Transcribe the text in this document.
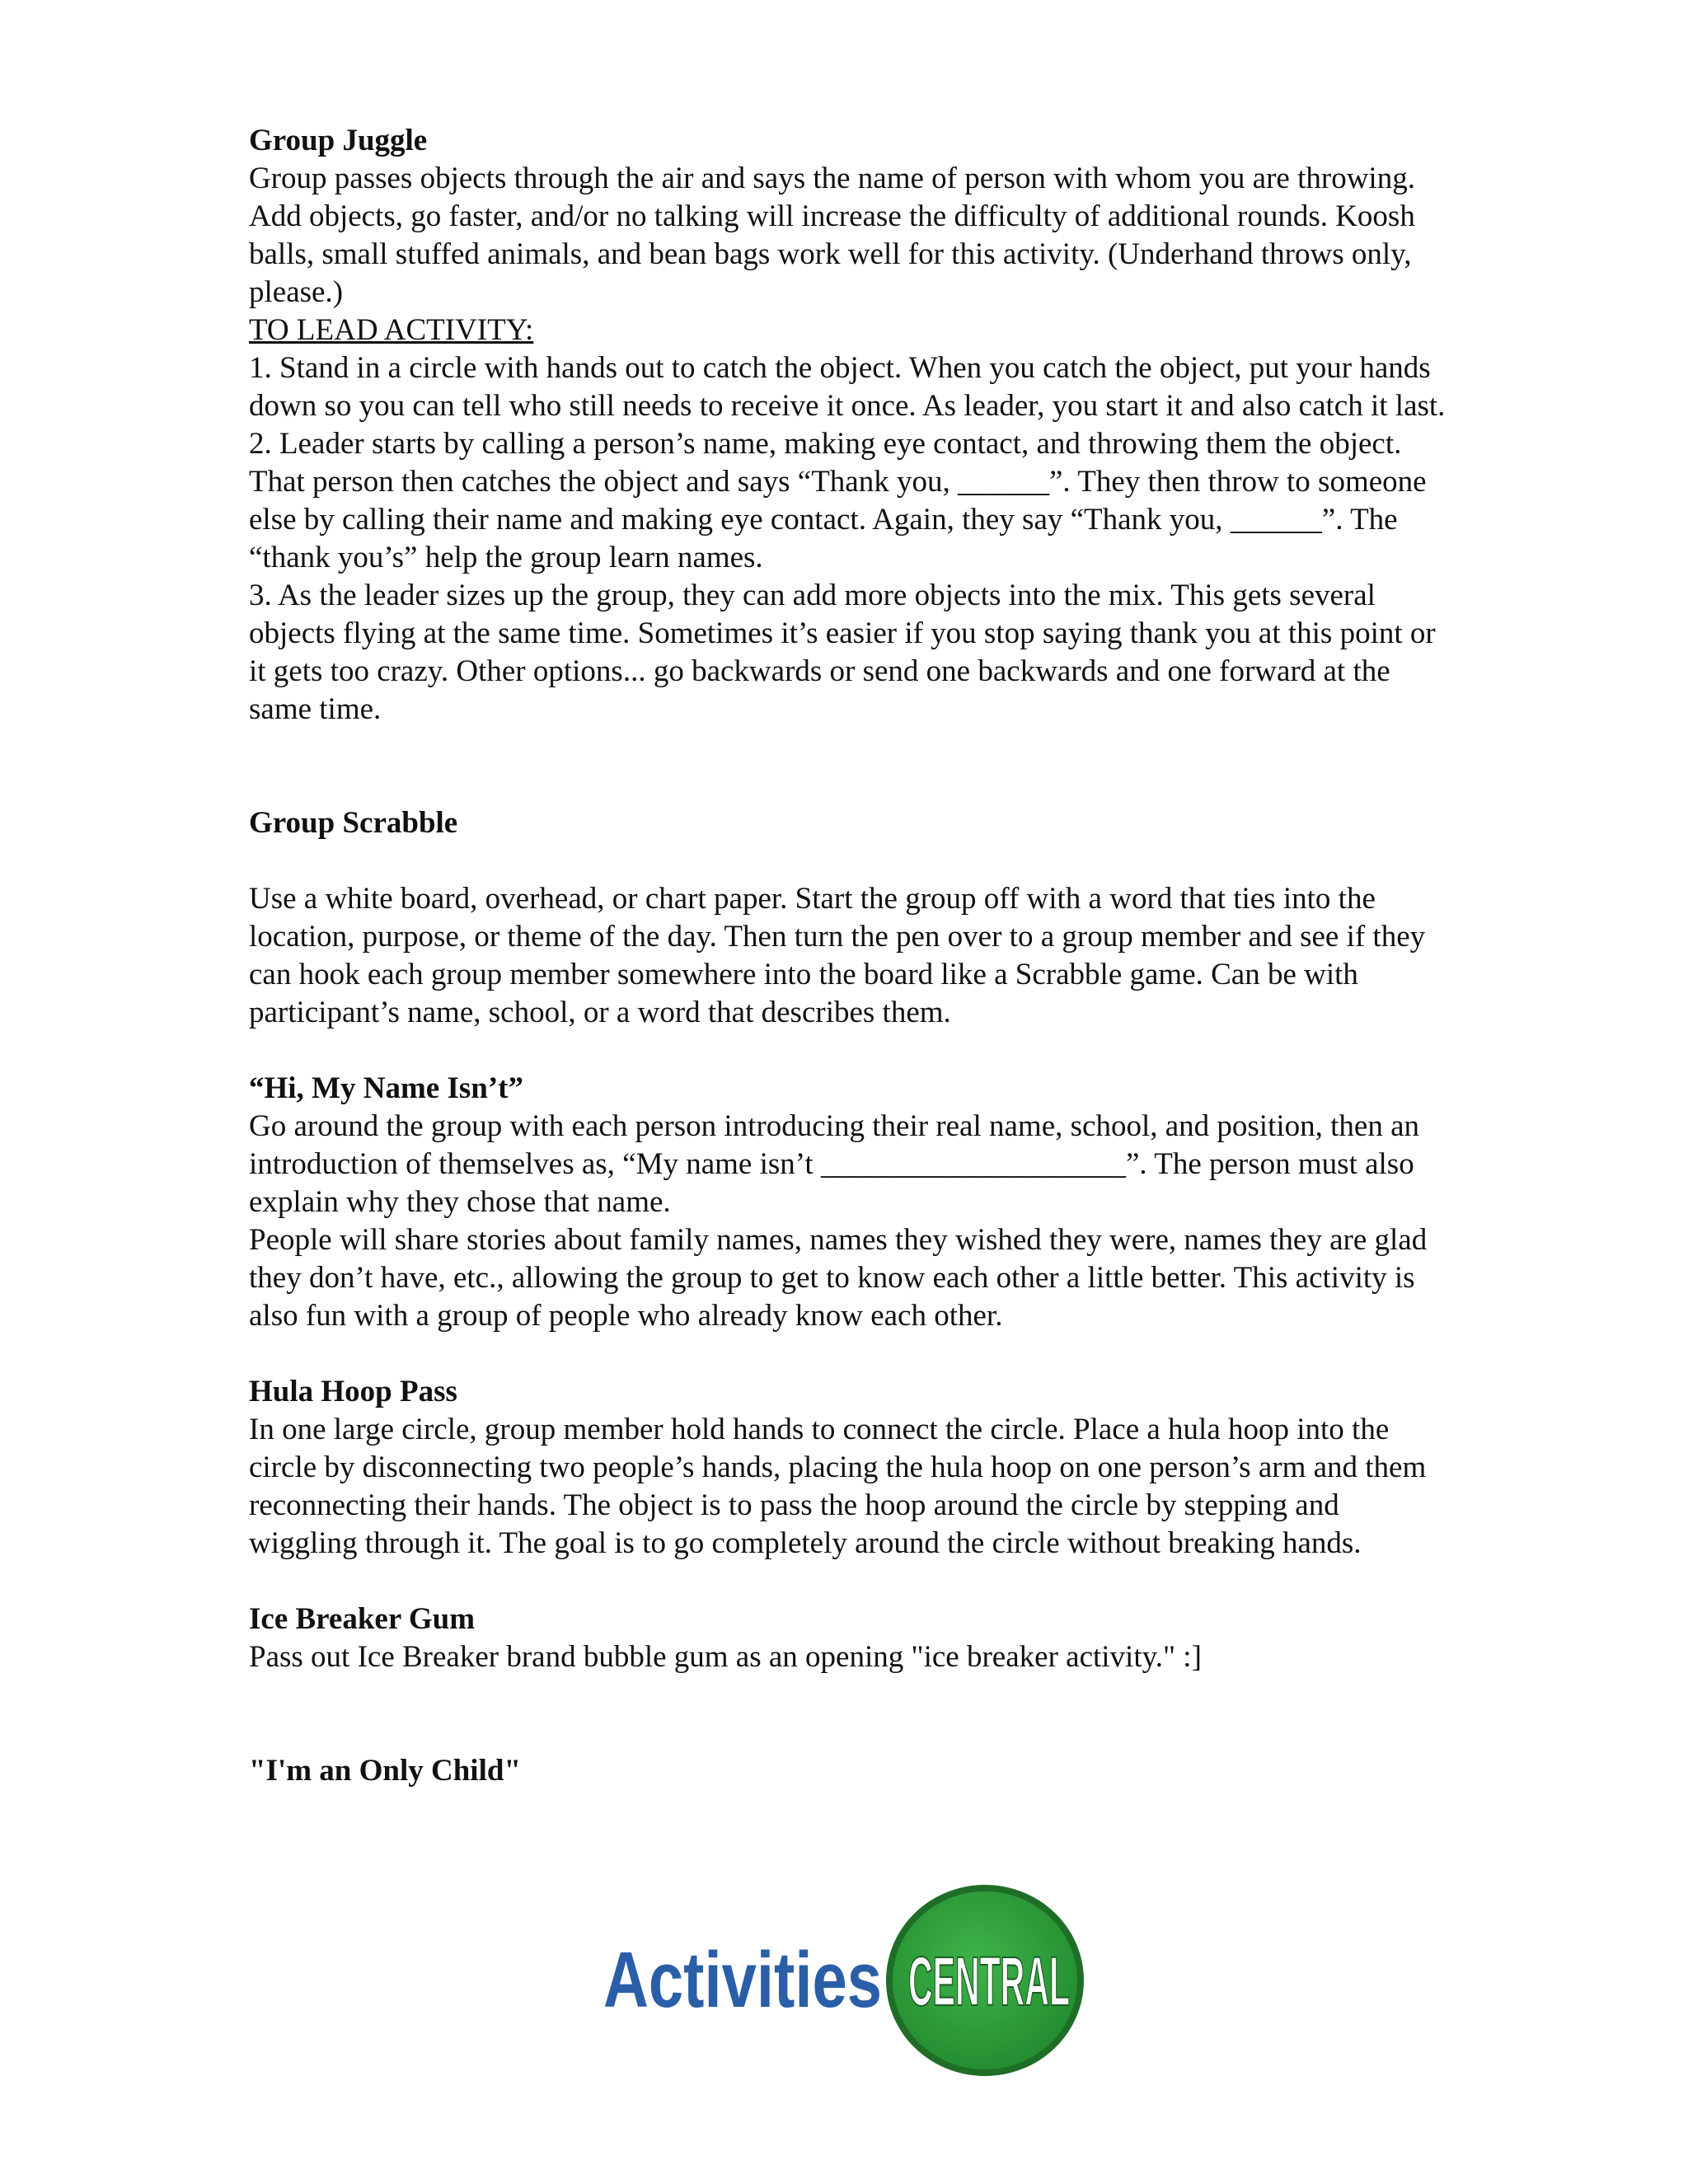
Group Juggle

Group passes objects through the air and says the name of person with whom you are throwing. Add objects, go faster, and/or no talking will increase the difficulty of additional rounds. Koosh balls, small stuffed animals, and bean bags work well for this activity. (Underhand throws only, please.)

TO LEAD ACTIVITY:

1. Stand in a circle with hands out to catch the object. When you catch the object, put your hands down so you can tell who still needs to receive it once. As leader, you start it and also catch it last.

2. Leader starts by calling a person’s name, making eye contact, and throwing them the object. That person then catches the object and says “Thank you, ______”. They then throw to someone else by calling their name and making eye contact. Again, they say “Thank you, ______”. The “thank you’s” help the group learn names.

3. As the leader sizes up the group, they can add more objects into the mix. This gets several objects flying at the same time. Sometimes it’s easier if you stop saying thank you at this point or it gets too crazy. Other options... go backwards or send one backwards and one forward at the same time.

Group Scrabble

Use a white board, overhead, or chart paper. Start the group off with a word that ties into the location, purpose, or theme of the day. Then turn the pen over to a group member and see if they can hook each group member somewhere into the board like a Scrabble game. Can be with participant’s name, school, or a word that describes them.

“Hi, My Name Isn’t”

Go around the group with each person introducing their real name, school, and position, then an introduction of themselves as, “My name isn’t ____________________”. The person must also explain why they chose that name.

People will share stories about family names, names they wished they were, names they are glad they don’t have, etc., allowing the group to get to know each other a little better. This activity is also fun with a group of people who already know each other.

Hula Hoop Pass

In one large circle, group member hold hands to connect the circle. Place a hula hoop into the circle by disconnecting two people’s hands, placing the hula hoop on one person’s arm and them reconnecting their hands. The object is to pass the hoop around the circle by stepping and wiggling through it. The goal is to go completely around the circle without breaking hands.

Ice Breaker Gum

Pass out Ice Breaker brand bubble gum as an opening "ice breaker activity." :]

"I'm an Only Child"

Activities CENTRAL
